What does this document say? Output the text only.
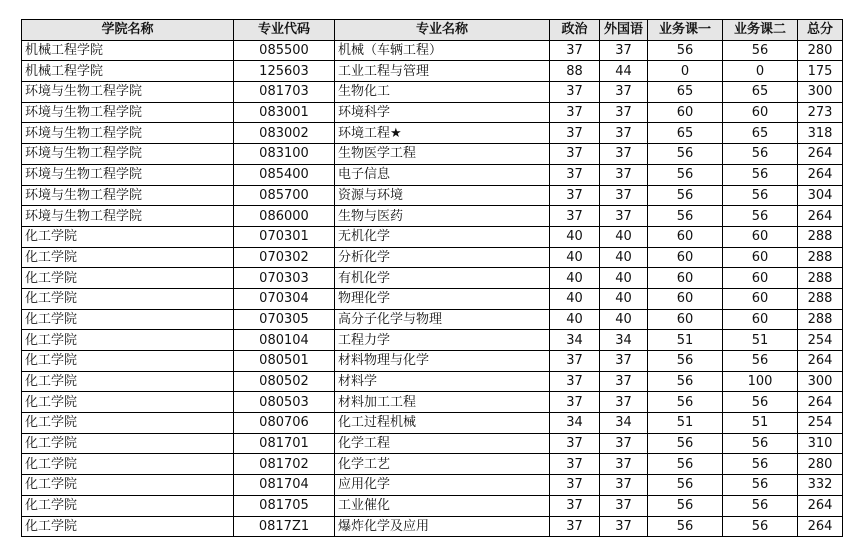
学院名称	专业代码	专业名称	政治	外国语	业务课一	业务课二	总分
机械工程学院	085500	机械（车辆工程）	37	37	56	56	280
机械工程学院	125603	工业工程与管理	88	44	0	0	175
环境与生物工程学院	081703	生物化工	37	37	65	65	300
环境与生物工程学院	083001	环境科学	37	37	60	60	273
环境与生物工程学院	083002	环境工程★	37	37	65	65	318
环境与生物工程学院	083100	生物医学工程	37	37	56	56	264
环境与生物工程学院	085400	电子信息	37	37	56	56	264
环境与生物工程学院	085700	资源与环境	37	37	56	56	304
环境与生物工程学院	086000	生物与医药	37	37	56	56	264
化工学院	070301	无机化学	40	40	60	60	288
化工学院	070302	分析化学	40	40	60	60	288
化工学院	070303	有机化学	40	40	60	60	288
化工学院	070304	物理化学	40	40	60	60	288
化工学院	070305	高分子化学与物理	40	40	60	60	288
化工学院	080104	工程力学	34	34	51	51	254
化工学院	080501	材料物理与化学	37	37	56	56	264
化工学院	080502	材料学	37	37	56	100	300
化工学院	080503	材料加工工程	37	37	56	56	264
化工学院	080706	化工过程机械	34	34	51	51	254
化工学院	081701	化学工程	37	37	56	56	310
化工学院	081702	化学工艺	37	37	56	56	280
化工学院	081704	应用化学	37	37	56	56	332
化工学院	081705	工业催化	37	37	56	56	264
化工学院	0817Z1	爆炸化学及应用	37	37	56	56	264
